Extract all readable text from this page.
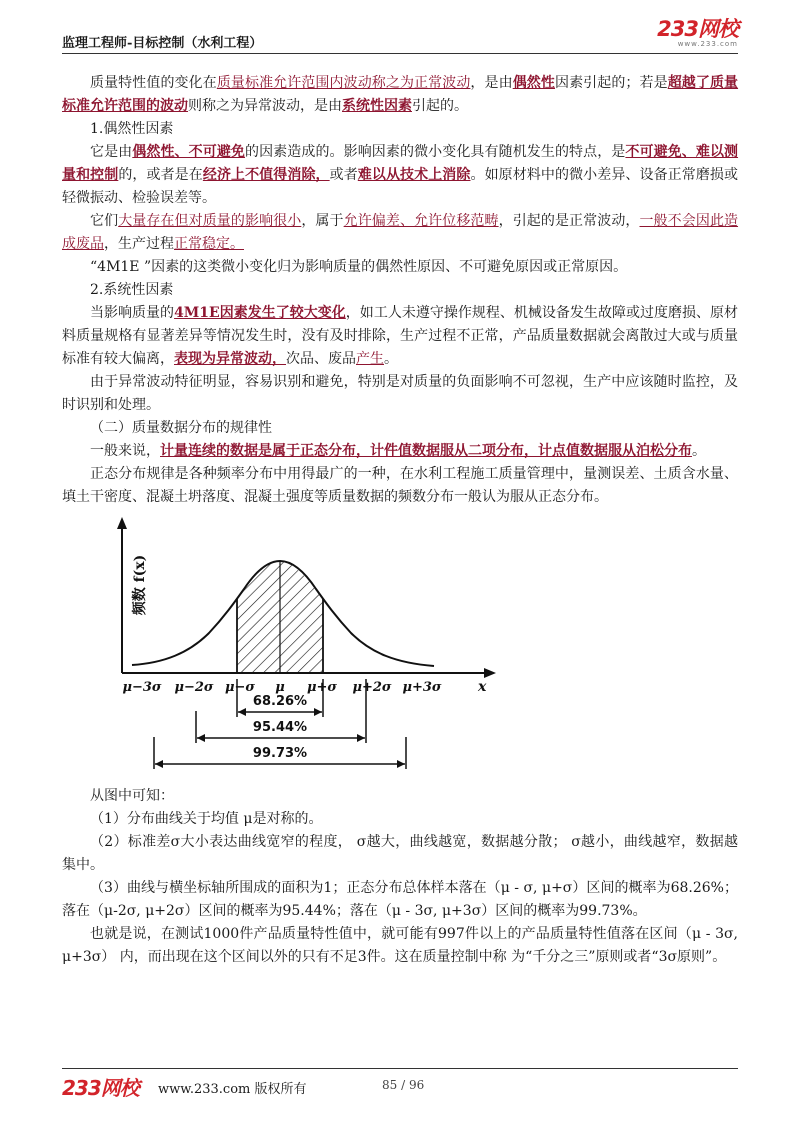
监理工程师-目标控制（水利工程）
233网校
www.233.com

质量特性值的变化在质量标准允许范围内波动称之为正常波动，是由偶然性因素引起的；若是超越了质量标准允许范围的波动则称之为异常波动，是由系统性因素引起的。

1.偶然性因素

它是由偶然性、不可避免的因素造成的。影响因素的微小变化具有随机发生的特点，是不可避免、难以测量和控制的，或者是在经济上不值得消除，或者难以从技术上消除。如原材料中的微小差异、设备正常磨损或轻微振动、检验误差等。

它们大量存在但对质量的影响很小，属于允许偏差、允许位移范畴，引起的是正常波动，一般不会因此造成废品，生产过程正常稳定。

“4M1E ”因素的这类微小变化归为影响质量的偶然性原因、不可避免原因或正常原因。

2.系统性因素

当影响质量的4M1E因素发生了较大变化，如工人未遵守操作规程、机械设备发生故障或过度磨损、原材料质量规格有显著差异等情况发生时，没有及时排除，生产过程不正常，产品质量数据就会离散过大或与质量标准有较大偏离，表现为异常波动，次品、废品产生。

由于异常波动特征明显，容易识别和避免，特别是对质量的负面影响不可忽视，生产中应该随时监控，及时识别和处理。

（二）质量数据分布的规律性

一般来说，计量连续的数据是属于正态分布，计件值数据服从二项分布，计点值数据服从泊松分布。

正态分布规律是各种频率分布中用得最广的一种，在水利工程施工质量管理中，量测误差、土质含水量、填土干密度、混凝土坍落度、混凝土强度等质量数据的频数分布一般认为服从正态分布。

频数 f(x)
μ−3σ μ−2σ μ−σ μ μ+σ μ+2σ μ+3σ	x
68.26%
95.44%
99.73%

从图中可知：

（1）分布曲线关于均值 μ是对称的。

（2）标准差σ大小表达曲线宽窄的程度， σ越大，曲线越宽，数据越分散； σ越小，曲线越窄，数据越集中。

（3）曲线与横坐标轴所围成的面积为1；正态分布总体样本落在（μ - σ, μ+σ）区间的概率为68.26%；落在（μ-2σ, μ+2σ）区间的概率为95.44%；落在（μ - 3σ, μ+3σ）区间的概率为99.73%。

也就是说，在测试1000件产品质量特性值中，就可能有997件以上的产品质量特性值落在区间（μ - 3σ, μ+3σ） 内，而出现在这个区间以外的只有不足3件。这在质量控制中称 为“千分之三”原则或者“3σ原则”。

233网校 www.233.com 版权所有	85 / 96
